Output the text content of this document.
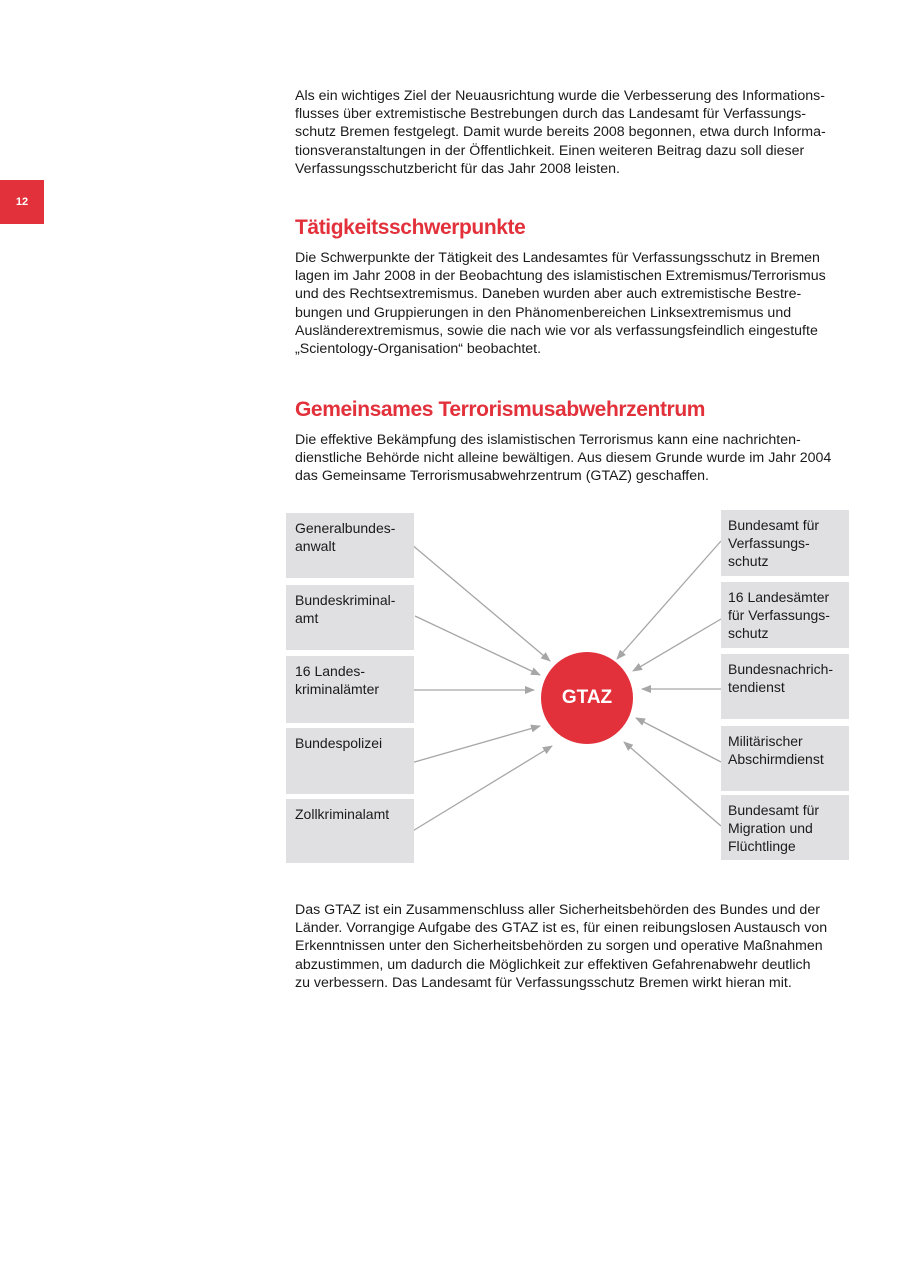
12
Als ein wichtiges Ziel der Neuausrichtung wurde die Verbesserung des Informations-
flusses über extremistische Bestrebungen durch das Landesamt für Verfassungs-
schutz Bremen festgelegt. Damit wurde bereits 2008 begonnen, etwa durch Informa-
tionsveranstaltungen in der Öffentlichkeit. Einen weiteren Beitrag dazu soll dieser
Verfassungsschutzbericht für das Jahr 2008 leisten.
Tätigkeitsschwerpunkte
Die Schwerpunkte der Tätigkeit des Landesamtes für Verfassungsschutz in Bremen
lagen im Jahr 2008 in der Beobachtung des islamistischen Extremismus/Terrorismus
und des Rechtsextremismus. Daneben wurden aber auch extremistische Bestre-
bungen und Gruppierungen in den Phänomenbereichen Linksextremismus und
Ausländerextremismus, sowie die nach wie vor als verfassungsfeindlich eingestufte
„Scientology-Organisation“ beobachtet.
Gemeinsames Terrorismusabwehrzentrum
Die effektive Bekämpfung des islamistischen Terrorismus kann eine nachrichten-
dienstliche Behörde nicht alleine bewältigen. Aus diesem Grunde wurde im Jahr 2004
das Gemeinsame Terrorismusabwehrzentrum (GTAZ) geschaffen.
Generalbundes-
anwalt
Bundeskriminal-
amt
16 Landes-
kriminalämter
Bundespolizei
Zollkriminalamt
Bundesamt für
Verfassungs-
schutz
16 Landesämter
für Verfassungs-
schutz
Bundesnachrich-
tendienst
Militärischer
Abschirmdienst
Bundesamt für
Migration und
Flüchtlinge
GTAZ
Das GTAZ ist ein Zusammenschluss aller Sicherheitsbehörden des Bundes und der
Länder. Vorrangige Aufgabe des GTAZ ist es, für einen reibungslosen Austausch von
Erkenntnissen unter den Sicherheitsbehörden zu sorgen und operative Maßnahmen
abzustimmen, um dadurch die Möglichkeit zur effektiven Gefahrenabwehr deutlich
zu verbessern. Das Landesamt für Verfassungsschutz Bremen wirkt hieran mit.
